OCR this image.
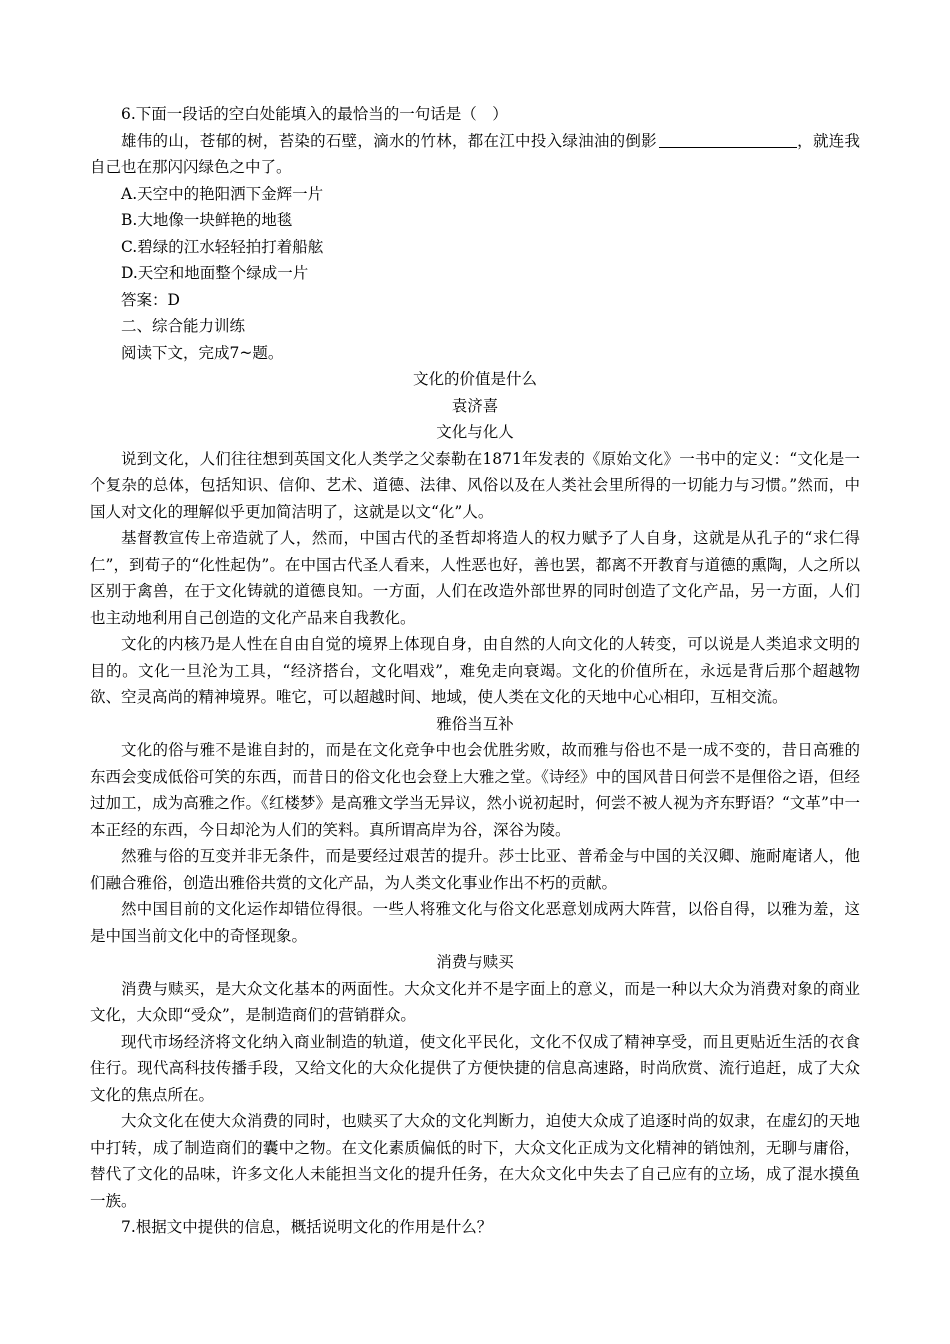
6.下面一段话的空白处能填入的最恰当的一句话是（　）

雄伟的山，苍郁的树，苔染的石壁，滴水的竹林，都在江中投入绿油油的倒影	，就连我自己也在那闪闪绿色之中了。

A.天空中的艳阳洒下金辉一片

B.大地像一块鲜艳的地毯

C.碧绿的江水轻轻拍打着船舷

D.天空和地面整个绿成一片

答案：D

二、综合能力训练

阅读下文，完成7~题。

文化的价值是什么

袁济喜

文化与化人

说到文化，人们往往想到英国文化人类学之父泰勒在1871年发表的《原始文化》一书中的定义：“文化是一个复杂的总体，包括知识、信仰、艺术、道德、法律、风俗以及在人类社会里所得的一切能力与习惯。”然而，中国人对文化的理解似乎更加简洁明了，这就是以文“化”人。

基督教宣传上帝造就了人，然而，中国古代的圣哲却将造人的权力赋予了人自身，这就是从孔子的“求仁得仁”，到荀子的“化性起伪”。在中国古代圣人看来，人性恶也好，善也罢，都离不开教育与道德的熏陶，人之所以区别于禽兽，在于文化铸就的道德良知。一方面，人们在改造外部世界的同时创造了文化产品，另一方面，人们也主动地利用自己创造的文化产品来自我教化。

文化的内核乃是人性在自由自觉的境界上体现自身，由自然的人向文化的人转变，可以说是人类追求文明的目的。文化一旦沦为工具，“经济搭台，文化唱戏”，难免走向衰竭。文化的价值所在，永远是背后那个超越物欲、空灵高尚的精神境界。唯它，可以超越时间、地域，使人类在文化的天地中心心相印，互相交流。

雅俗当互补

文化的俗与雅不是谁自封的，而是在文化竞争中也会优胜劣败，故而雅与俗也不是一成不变的，昔日高雅的东西会变成低俗可笑的东西，而昔日的俗文化也会登上大雅之堂。《诗经》中的国风昔日何尝不是俚俗之语，但经过加工，成为高雅之作。《红楼梦》是高雅文学当无异议，然小说初起时，何尝不被人视为齐东野语？“文革”中一本正经的东西，今日却沦为人们的笑料。真所谓高岸为谷，深谷为陵。

然雅与俗的互变并非无条件，而是要经过艰苦的提升。莎士比亚、普希金与中国的关汉卿、施耐庵诸人，他们融合雅俗，创造出雅俗共赏的文化产品，为人类文化事业作出不朽的贡献。

然中国目前的文化运作却错位得很。一些人将雅文化与俗文化恶意划成两大阵营，以俗自得，以雅为羞，这是中国当前文化中的奇怪现象。

消费与赎买

消费与赎买，是大众文化基本的两面性。大众文化并不是字面上的意义，而是一种以大众为消费对象的商业文化，大众即“受众”，是制造商们的营销群众。

现代市场经济将文化纳入商业制造的轨道，使文化平民化，文化不仅成了精神享受，而且更贴近生活的衣食住行。现代高科技传播手段，又给文化的大众化提供了方便快捷的信息高速路，时尚欣赏、流行追赶，成了大众文化的焦点所在。

大众文化在使大众消费的同时，也赎买了大众的文化判断力，迫使大众成了追逐时尚的奴隶，在虚幻的天地中打转，成了制造商们的囊中之物。在文化素质偏低的时下，大众文化正成为文化精神的销蚀剂，无聊与庸俗，替代了文化的品味，许多文化人未能担当文化的提升任务，在大众文化中失去了自己应有的立场，成了混水摸鱼一族。

7.根据文中提供的信息，概括说明文化的作用是什么？
